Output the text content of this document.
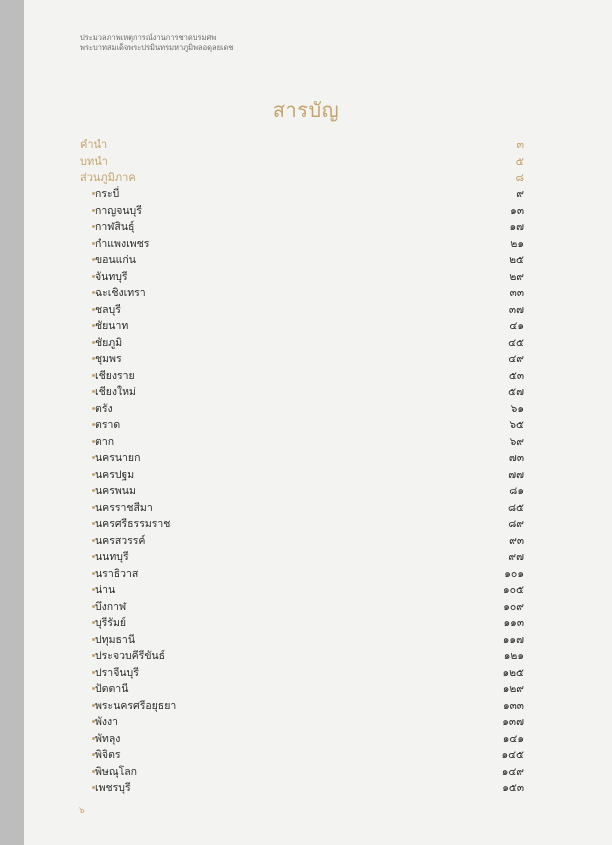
ประมวลภาพเหตุการณ์งานการชาดบรมศพ
พระบาทสมเด็จพระปรมินทรมหาภูมิพลอดุลยเดช
สารบัญ
คำนำ	๓
บทนำ	๕
ส่วนภูมิภาค	๘
กระบี่	๙
กาญจนบุรี	๑๓
กาฬสินธุ์	๑๗
กำแพงเพชร	๒๑
ขอนแก่น	๒๕
จันทบุรี	๒๙
ฉะเชิงเทรา	๓๓
ชลบุรี	๓๗
ชัยนาท	๔๑
ชัยภูมิ	๔๕
ชุมพร	๔๙
เชียงราย	๕๓
เชียงใหม่	๕๗
ตรัง	๖๑
ตราด	๖๕
ตาก	๖๙
นครนายก	๗๓
นครปฐม	๗๗
นครพนม	๘๑
นครราชสีมา	๘๕
นครศรีธรรมราช	๘๙
นครสวรรค์	๙๓
นนทบุรี	๙๗
นราธิวาส	๑๐๑
น่าน	๑๐๕
บึงกาฬ	๑๐๙
บุรีรัมย์	๑๑๓
ปทุมธานี	๑๑๗
ประจวบคีรีขันธ์	๑๒๑
ปราจีนบุรี	๑๒๕
ปัตตานี	๑๒๙
พระนครศรีอยุธยา	๑๓๓
พังงา	๑๓๗
พัทลุง	๑๔๑
พิจิตร	๑๔๕
พิษณุโลก	๑๔๙
เพชรบุรี	๑๕๓
๖
